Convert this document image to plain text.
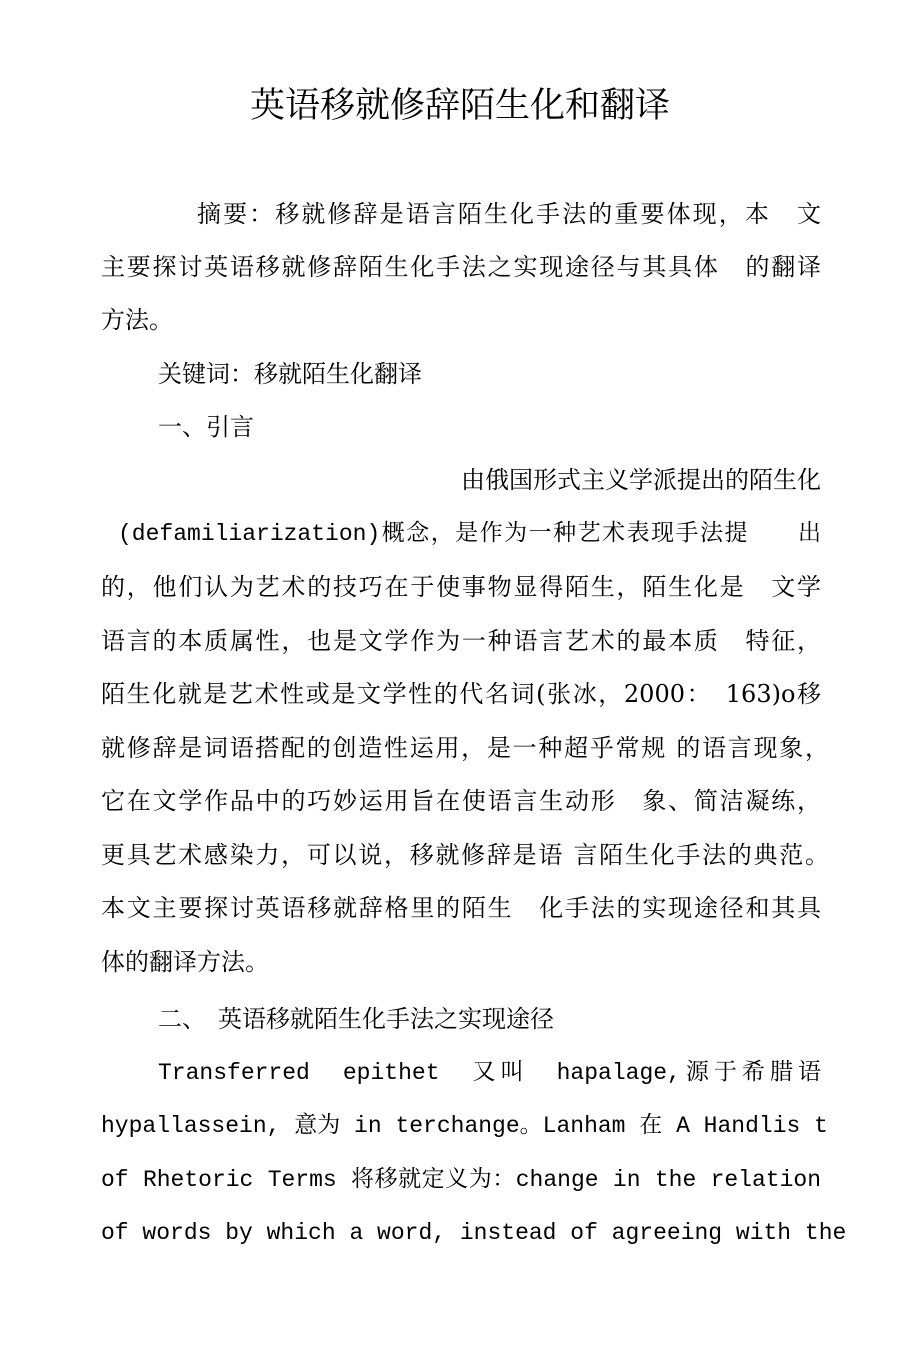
英语移就修辞陌生化和翻译
摘要：移就修辞是语言陌生化手法的重要体现，本　文
主要探讨英语移就修辞陌生化手法之实现途径与其具体　的翻译
方法。
关键词：移就陌生化翻译
一、引言
由俄国形式主义学派提出的陌生化
(defamiliarization)概念，是作为一种艺术表现手法提　　出
的，他们认为艺术的技巧在于使事物显得陌生，陌生化是　文学
语言的本质属性，也是文学作为一种语言艺术的最本质　特征，
陌生化就是艺术性或是文学性的代名词(张冰，2000：　163)o移
就修辞是词语搭配的创造性运用，是一种超乎常规 的语言现象，
它在文学作品中的巧妙运用旨在使语言生动形　象、简洁凝练，
更具艺术感染力，可以说，移就修辞是语 言陌生化手法的典范。
本文主要探讨英语移就辞格里的陌生　化手法的实现途径和其具
体的翻译方法。
二、　英语移就陌生化手法之实现途径
Transferred　epithet　又叫　hapalage,源于希腊语
hypallassein, 意为 in terchange。Lanham 在 A Handlis t
of Rhetoric Terms 将移就定义为：change in the relation
of words by which a word, instead of agreeing with the
